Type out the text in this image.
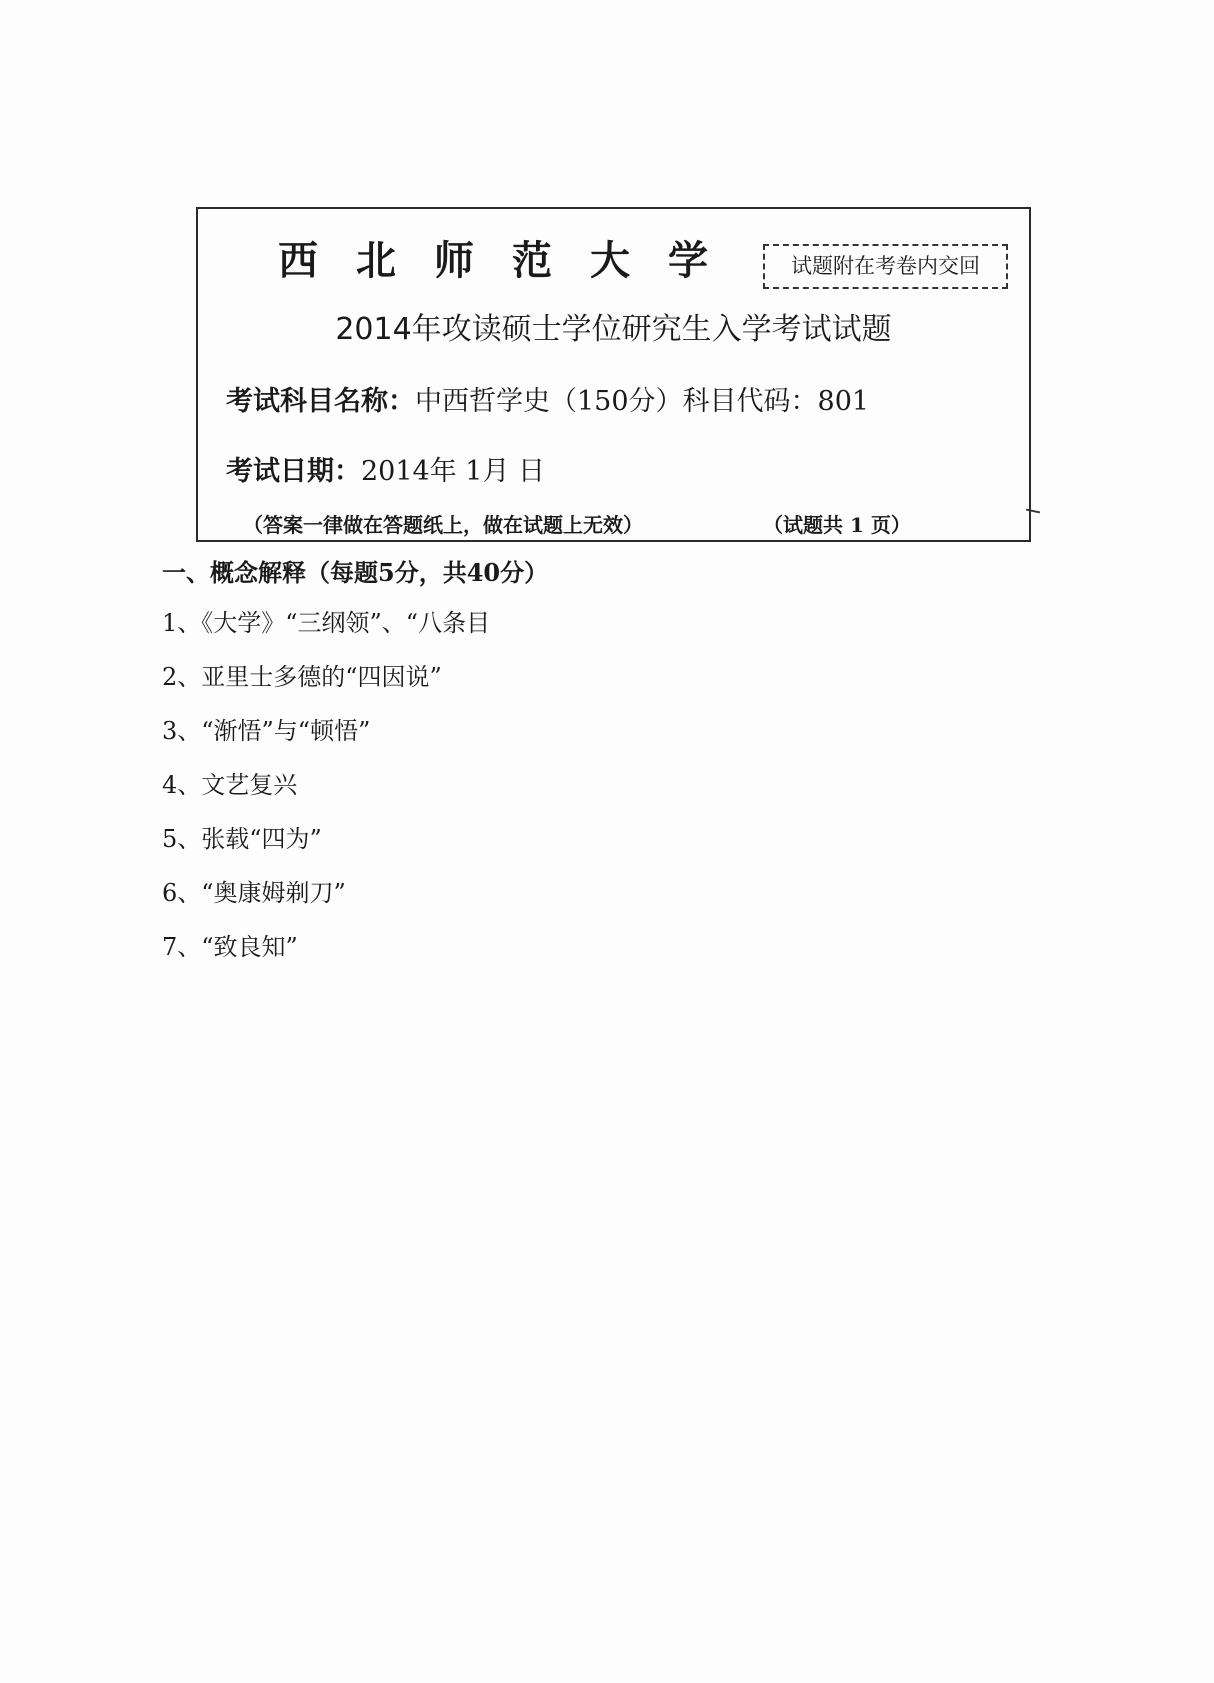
西北师范大学	试题附在考卷内交回
2014年攻读硕士学位研究生入学考试试题
考试科目名称：中西哲学史（150分）科目代码：801
考试日期：2014年 1月 日
（答案一律做在答题纸上，做在试题上无效）	（试题共 1 页）
一、概念解释（每题5分，共40分）
1、《大学》“三纲领”、“八条目
2、亚里士多德的“四因说”
3、“渐悟”与“顿悟”
4、文艺复兴
5、张载“四为”
6、“奥康姆剃刀”
7、“致良知”
